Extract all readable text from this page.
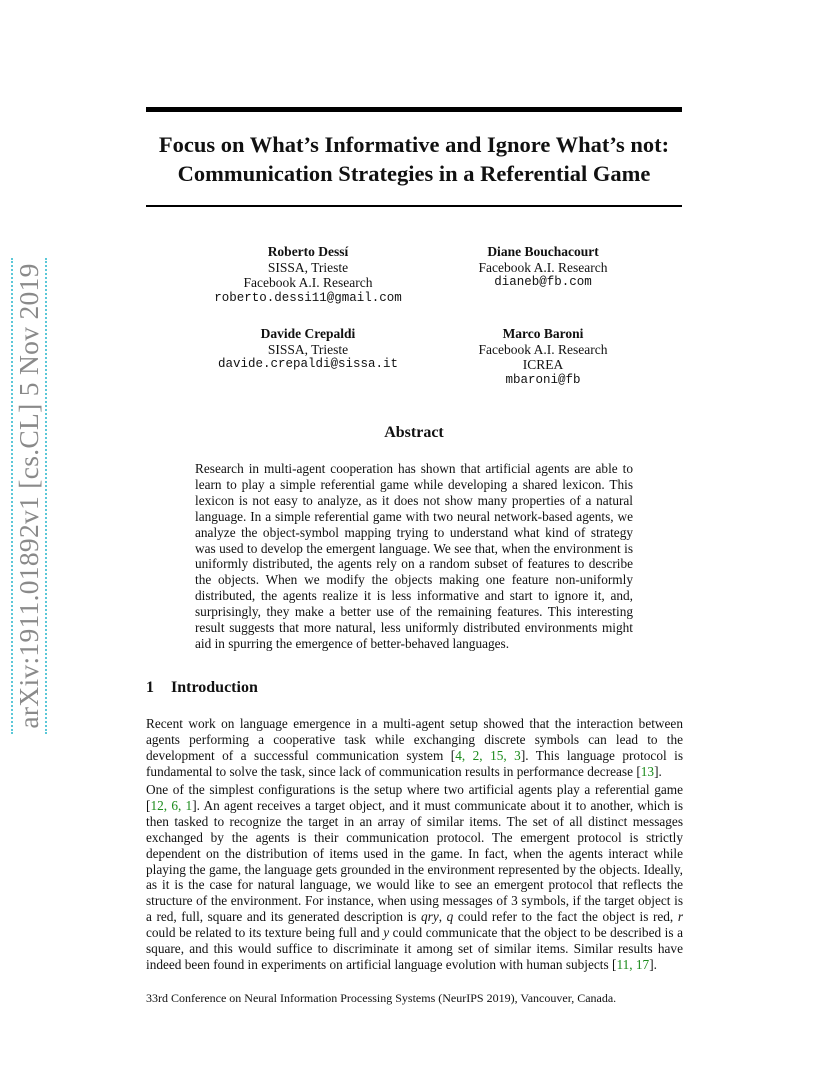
arXiv:1911.01892v1 [cs.CL] 5 Nov 2019
Focus on What’s Informative and Ignore What’s not:
Communication Strategies in a Referential Game
Roberto Dessí
SISSA, Trieste
Facebook A.I. Research
roberto.dessi11@gmail.com
Diane Bouchacourt
Facebook A.I. Research
dianeb@fb.com
Davide Crepaldi
SISSA, Trieste
davide.crepaldi@sissa.it
Marco Baroni
Facebook A.I. Research
ICREA
mbaroni@fb
Abstract
Research in multi-agent cooperation has shown that artificial agents are able to learn to play a simple referential game while developing a shared lexicon. This lexicon is not easy to analyze, as it does not show many properties of a natural language. In a simple referential game with two neural network-based agents, we analyze the object-symbol mapping trying to understand what kind of strategy was used to develop the emergent language. We see that, when the environment is uniformly distributed, the agents rely on a random subset of features to describe the objects. When we modify the objects making one feature non-uniformly distributed, the agents realize it is less informative and start to ignore it, and, surprisingly, they make a better use of the remaining features. This interesting result suggests that more natural, less uniformly distributed environments might aid in spurring the emergence of better-behaved languages.
1 Introduction

Recent work on language emergence in a multi-agent setup showed that the interaction between agents performing a cooperative task while exchanging discrete symbols can lead to the development of a successful communication system [4, 2, 15, 3]. This language protocol is fundamental to solve the task, since lack of communication results in performance decrease [13].

One of the simplest configurations is the setup where two artificial agents play a referential game [12, 6, 1]. An agent receives a target object, and it must communicate about it to another, which is then tasked to recognize the target in an array of similar items. The set of all distinct messages exchanged by the agents is their communication protocol. The emergent protocol is strictly dependent on the distribution of items used in the game. In fact, when the agents interact while playing the game, the language gets grounded in the environment represented by the objects. Ideally, as it is the case for natural language, we would like to see an emergent protocol that reflects the structure of the environment. For instance, when using messages of 3 symbols, if the target object is a red, full, square and its generated description is qry, q could refer to the fact the object is red, r could be related to its texture being full and y could communicate that the object to be described is a square, and this would suffice to discriminate it among set of similar items. Similar results have indeed been found in experiments on artificial language evolution with human subjects [11, 17].

33rd Conference on Neural Information Processing Systems (NeurIPS 2019), Vancouver, Canada.
